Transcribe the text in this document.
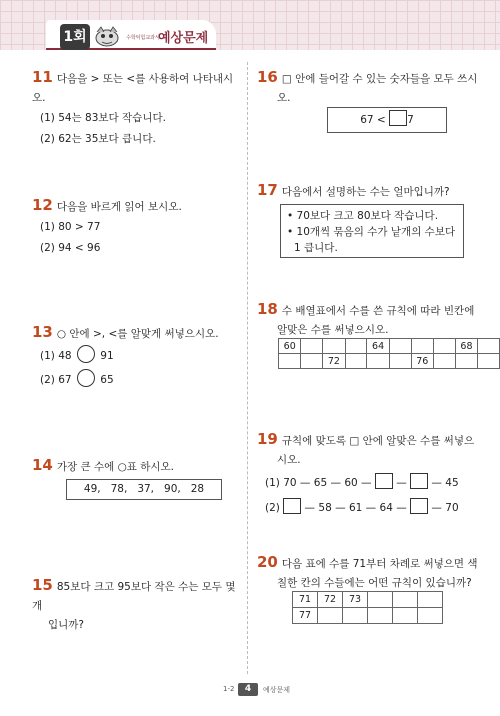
1회	수학익힘교과서
예상문제
11 다음을 > 또는 <를 사용하여 나타내시오.
(1) 54는 83보다 작습니다.
(2) 62는 35보다 큽니다.
12 다음을 바르게 읽어 보시오.
(1) 80 > 77
(2) 94 < 96
13 ○ 안에 >, <를 알맞게 써넣으시오.
(1) 48	91
(2) 67	65
14 가장 큰 수에 ○표 하시오.
49,   78,   37,   90,   28
15 85보다 크고 95보다 작은 수는 모두 몇 개
입니까?
16 □ 안에 들어갈 수 있는 숫자들을 모두 쓰시
오.
67 < 7
17 다음에서 설명하는 수는 얼마입니까?
• 70보다 크고 80보다 작습니다.
• 10개씩 묶음의 수가 낱개의 수보다
1 큽니다.
18 수 배열표에서 수를 쓴 규칙에 따라 빈칸에
알맞은 수를 써넣으시오.
60				64				68	
		72				76			
19 규칙에 맞도록 □ 안에 알맞은 수를 써넣으
시오.
(1) 70 — 65 — 60 —  —  — 45
(2)  — 58 — 61 — 64 —  — 70
20 다음 표에 수를 71부터 차례로 써넣으면 색
칠한 칸의 수들에는 어떤 규칙이 있습니까?
71	72	73			
77					
1-2	4	예상문제
